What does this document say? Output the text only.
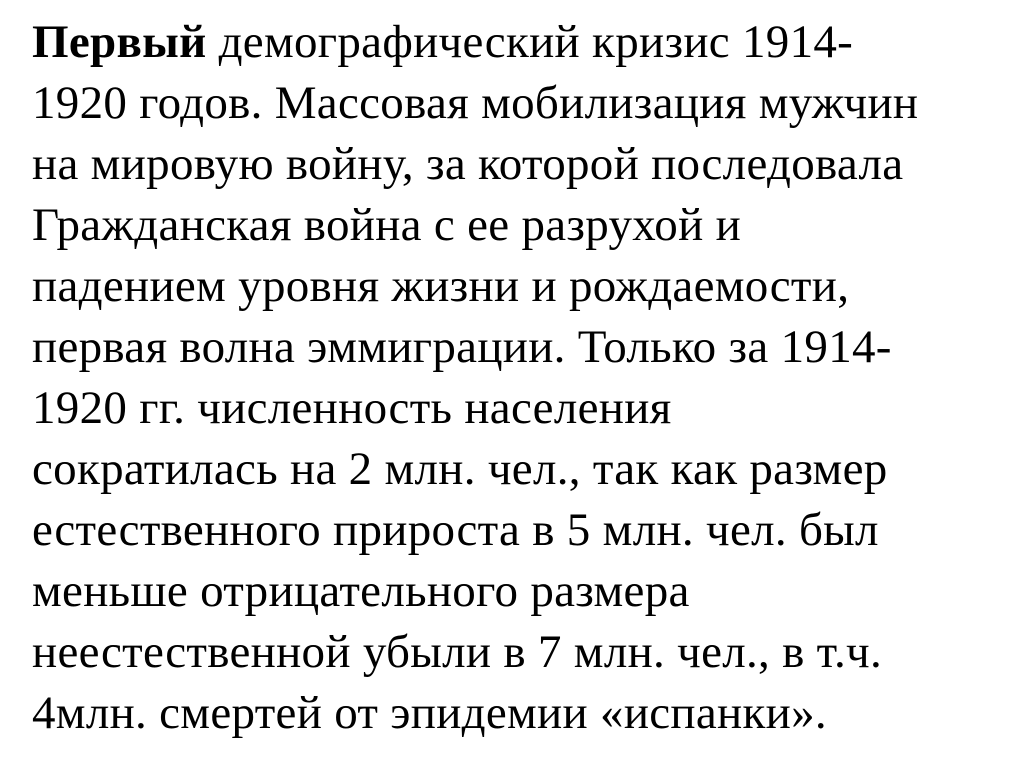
Первый демографический кризис 1914-
1920 годов. Массовая мобилизация мужчин
на мировую войну, за которой последовала
Гражданская война с ее разрухой и
падением уровня жизни и рождаемости,
первая волна эммиграции. Только за 1914-
1920 гг. численность населения
сократилась на 2 млн. чел., так как размер
естественного прироста в 5 млн. чел. был
меньше отрицательного размера
неестественной убыли в 7 млн. чел., в т.ч.
4млн. смертей от эпидемии «испанки».
